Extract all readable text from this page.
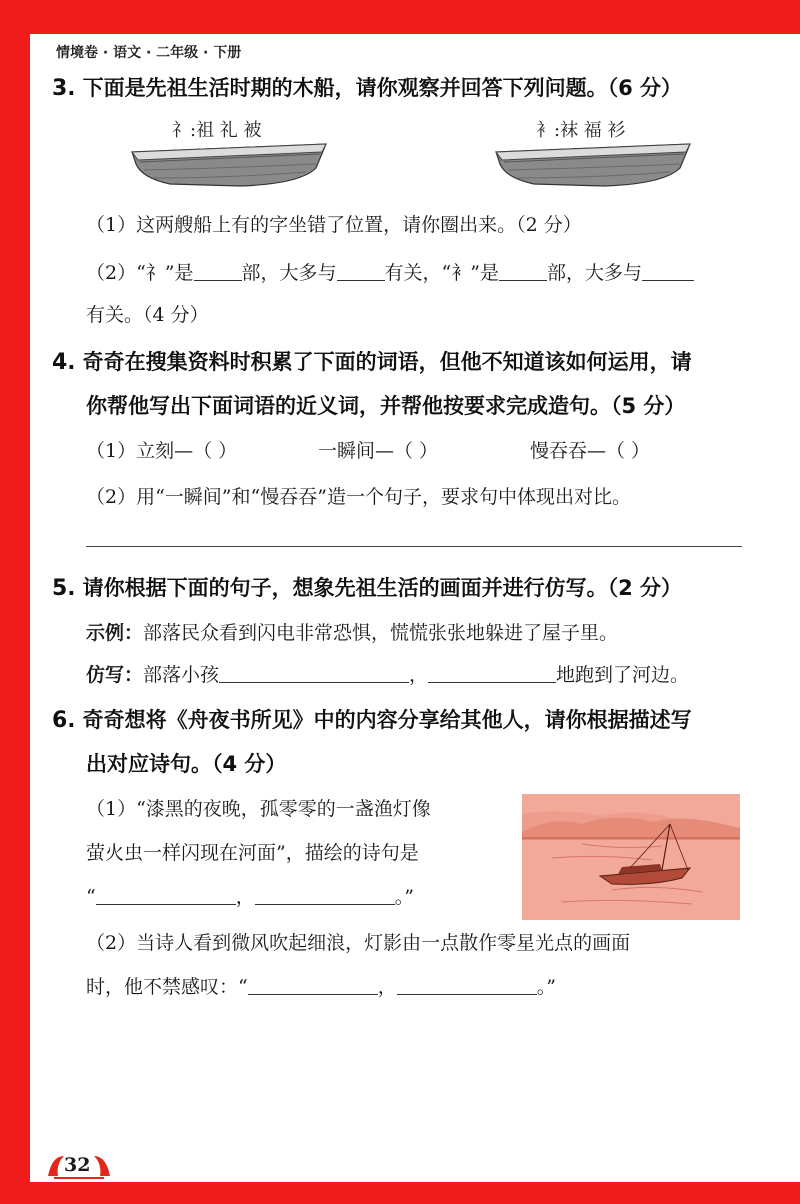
情境卷 · 语文 · 二年级 · 下册
3. 下面是先祖生活时期的木船，请你观察并回答下列问题。（6 分）
礻:祖 礼 被	衤:袜 福 衫
（1）这两艘船上有的字坐错了位置，请你圈出来。（2 分）
（2）“礻”是	部，大多与	有关，“衤”是	部，大多与
有关。（4 分）
4. 奇奇在搜集资料时积累了下面的词语，但他不知道该如何运用，请
你帮他写出下面词语的近义词，并帮他按要求完成造句。（5 分）
（1）立刻—（ ）	一瞬间—（ ）	慢吞吞—（ ）
（2）用“一瞬间”和“慢吞吞”造一个句子，要求句中体现出对比。
5. 请你根据下面的句子，想象先祖生活的画面并进行仿写。（2 分）
示例：部落民众看到闪电非常恐惧，慌慌张张地躲进了屋子里。
仿写：部落小孩	，	地跑到了河边。
6. 奇奇想将《舟夜书所见》中的内容分享给其他人，请你根据描述写
出对应诗句。（4 分）
（1）“漆黑的夜晚，孤零零的一盏渔灯像
萤火虫一样闪现在河面”，描绘的诗句是
“	，	。”
（2）当诗人看到微风吹起细浪，灯影由一点散作零星光点的画面
时，他不禁感叹：“	，	。”
32
